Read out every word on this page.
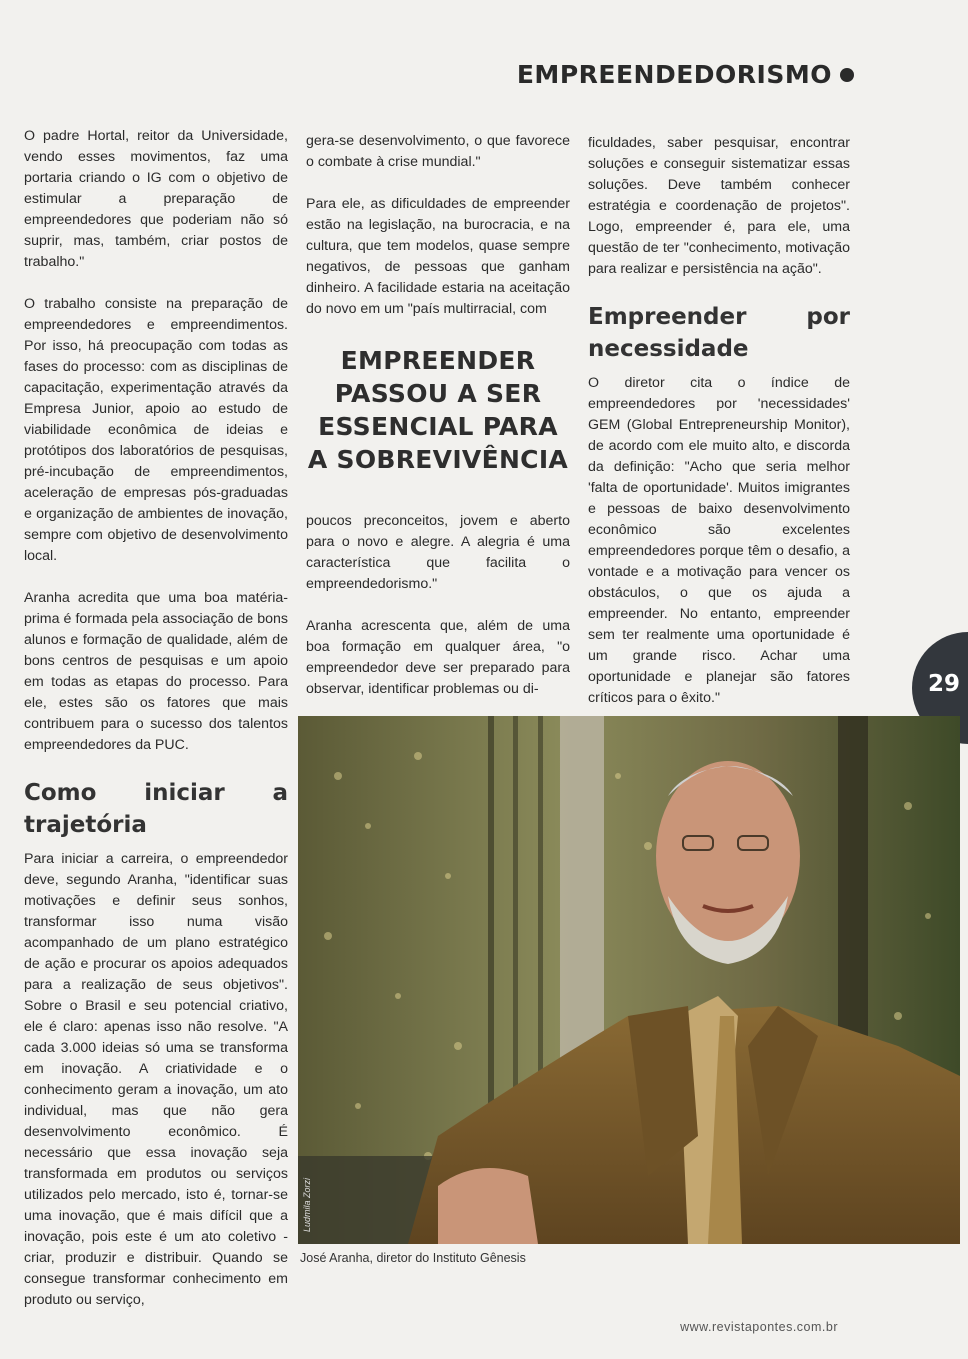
EMPREENDEDORISMO

O padre Hortal, reitor da Universidade, vendo esses movimentos, faz uma portaria criando o IG com o objetivo de estimular a preparação de empreendedores que poderiam não só suprir, mas, também, criar postos de trabalho."

O trabalho consiste na preparação de empreendedores e empreendimentos. Por isso, há preocupação com todas as fases do processo: com as disciplinas de capacitação, experimentação através da Empresa Junior, apoio ao estudo de viabilidade econômica de ideias e protótipos dos laboratórios de pesquisas, pré-incubação de empreendimentos, aceleração de empresas pós-graduadas e organização de ambientes de inovação, sempre com objetivo de desenvolvimento local.

Aranha acredita que uma boa matéria-prima é formada pela associação de bons alunos e formação de qualidade, além de bons centros de pesquisas e um apoio em todas as etapas do processo. Para ele, estes são os fatores que mais contribuem para o sucesso dos talentos empreendedores da PUC.

Como iniciar a trajetória

Para iniciar a carreira, o empreendedor deve, segundo Aranha, "identificar suas motivações e definir seus sonhos, transformar isso numa visão acompanhado de um plano estratégico de ação e procurar os apoios adequados para a realização de seus objetivos". Sobre o Brasil e seu potencial criativo, ele é claro: apenas isso não resolve. "A cada 3.000 ideias só uma se transforma em inovação. A criatividade e o conhecimento geram a inovação, um ato individual, mas que não gera desenvolvimento econômico. É necessário que essa inovação seja transformada em produtos ou serviços utilizados pelo mercado, isto é, tornar-se uma inovação, que é mais difícil que a inovação, pois este é um ato coletivo - criar, produzir e distribuir. Quando se consegue transformar conhecimento em produto ou serviço,

gera-se desenvolvimento, o que favorece o combate à crise mundial."

Para ele, as dificuldades de empreender estão na legislação, na burocracia, e na cultura, que tem modelos, quase sempre negativos, de pessoas que ganham dinheiro. A facilidade estaria na aceitação do novo em um "país multirracial, com

EMPREENDER PASSOU A SER ESSENCIAL PARA A SOBREVIVÊNCIA

poucos preconceitos, jovem e aberto para o novo e alegre. A alegria é uma característica que facilita o empreendedorismo."

Aranha acrescenta que, além de uma boa formação em qualquer área, "o empreendedor deve ser preparado para observar, identificar problemas ou di-

ficuldades, saber pesquisar, encontrar soluções e conseguir sistematizar essas soluções. Deve também conhecer estratégia e coordenação de projetos". Logo, empreender é, para ele, uma questão de ter "conhecimento, motivação para realizar e persistência na ação".

Empreender por necessidade

O diretor cita o índice de empreendedores por 'necessidades' GEM (Global Entrepreneurship Monitor), de acordo com ele muito alto, e discorda da definição: "Acho que seria melhor 'falta de oportunidade'. Muitos imigrantes e pessoas de baixo desenvolvimento econômico são excelentes empreendedores porque têm o desafio, a vontade e a motivação para vencer os obstáculos, o que os ajuda a empreender. No entanto, empreender sem ter realmente uma oportunidade é um grande risco. Achar uma oportunidade e planejar são fatores críticos para o êxito."

29
Ludmila Zorzi
José Aranha, diretor do Instituto Gênesis
www.revistapontes.com.br
